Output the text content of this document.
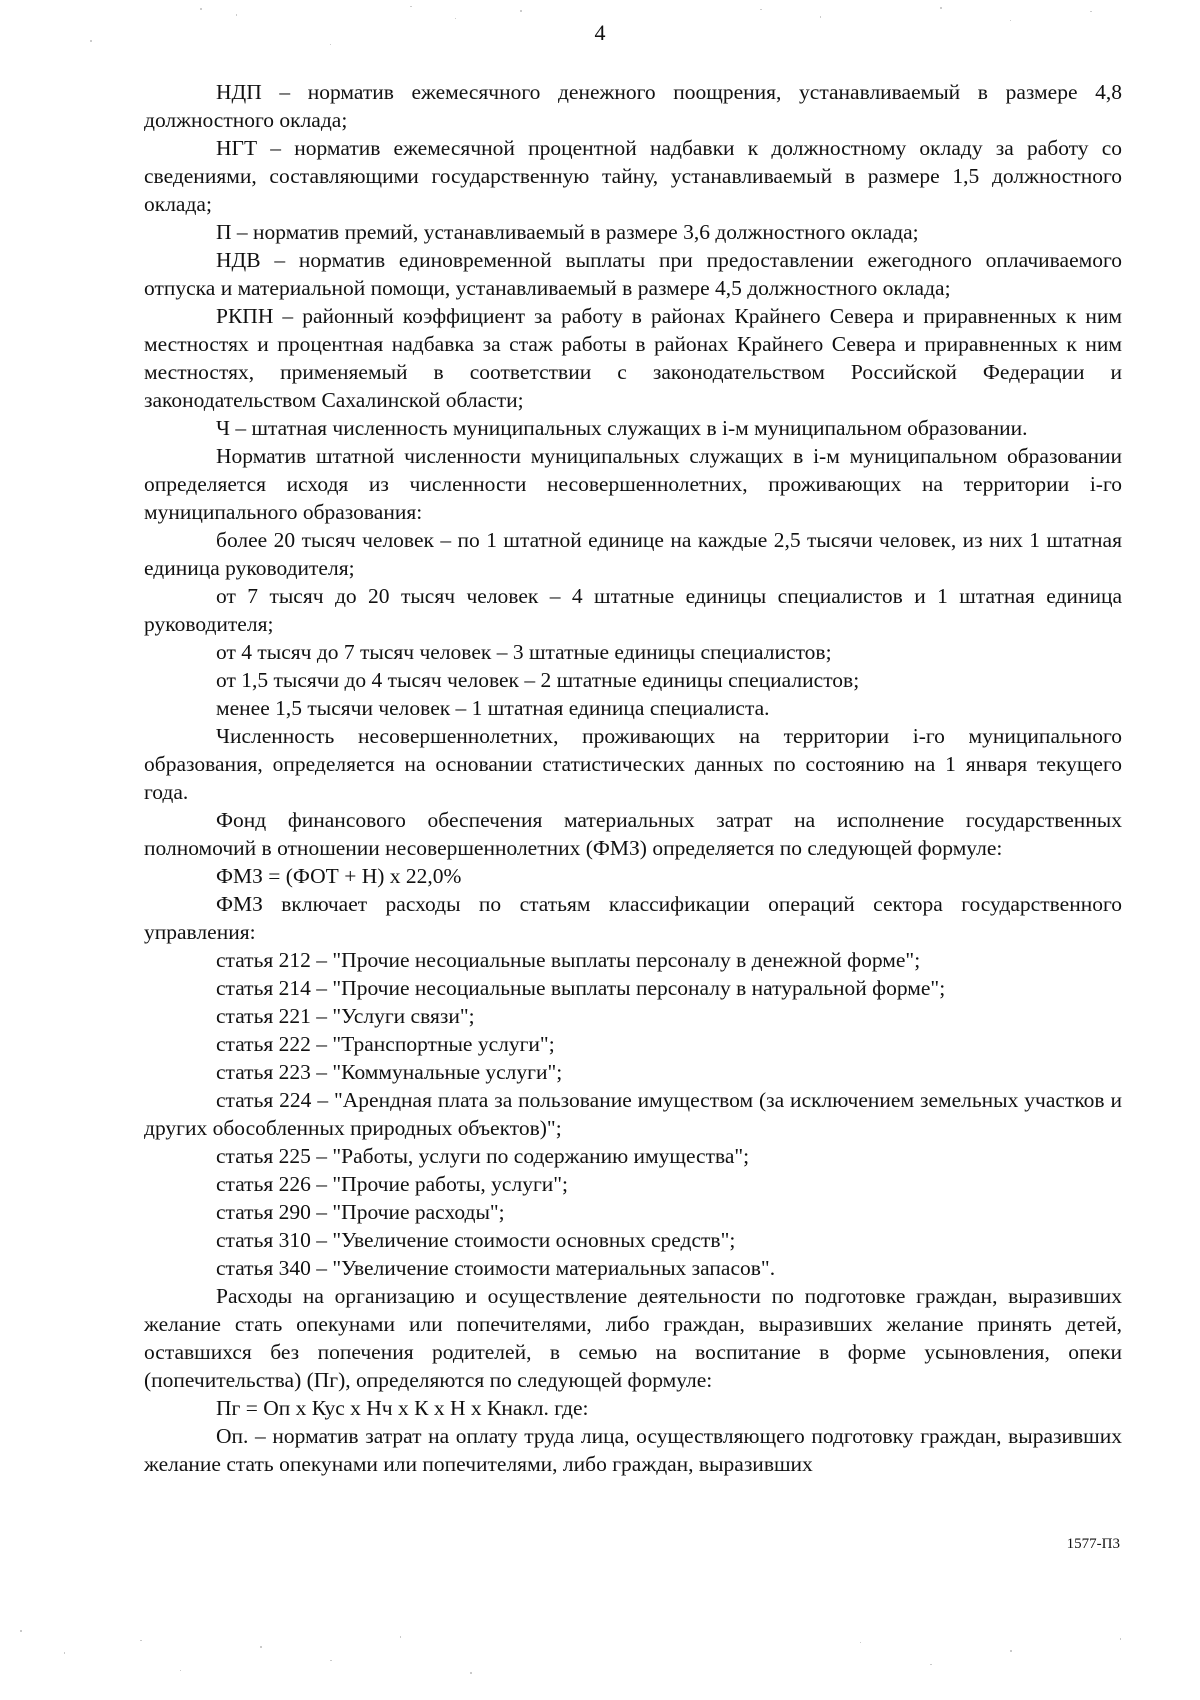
4

НДП – норматив ежемесячного денежного поощрения, устанавливаемый в размере 4,8 должностного оклада;

НГТ – норматив ежемесячной процентной надбавки к должностному окладу за работу со сведениями, составляющими государственную тайну, устанавливаемый в размере 1,5 должностного оклада;

П – норматив премий, устанавливаемый в размере 3,6 должностного оклада;

НДВ – норматив единовременной выплаты при предоставлении ежегодного оплачиваемого отпуска и материальной помощи, устанавливаемый в размере 4,5 должностного оклада;

РКПН – районный коэффициент за работу в районах Крайнего Севера и приравненных к ним местностях и процентная надбавка за стаж работы в районах Крайнего Севера и приравненных к ним местностях, применяемый в соответствии с законодательством Российской Федерации и законодательством Сахалинской области;

Ч – штатная численность муниципальных служащих в i-м муниципальном образовании.

Норматив штатной численности муниципальных служащих в i-м муниципальном образовании определяется исходя из численности несовершеннолетних, проживающих на территории i-го муниципального образования:

более 20 тысяч человек – по 1 штатной единице на каждые 2,5 тысячи человек, из них 1 штатная единица руководителя;

от 7 тысяч до 20 тысяч человек – 4 штатные единицы специалистов и 1 штатная единица руководителя;

от 4 тысяч до 7 тысяч человек – 3 штатные единицы специалистов;

от 1,5 тысячи до 4 тысяч человек – 2 штатные единицы специалистов;

менее 1,5 тысячи человек – 1 штатная единица специалиста.

Численность несовершеннолетних, проживающих на территории i-го муниципального образования, определяется на основании статистических данных по состоянию на 1 января текущего года.

Фонд финансового обеспечения материальных затрат на исполнение государственных полномочий в отношении несовершеннолетних (ФМЗ) определяется по следующей формуле:

ФМЗ = (ФОТ + Н) х 22,0%

ФМЗ включает расходы по статьям классификации операций сектора государственного управления:

статья 212 – "Прочие несоциальные выплаты персоналу в денежной форме";

статья 214 – "Прочие несоциальные выплаты персоналу в натуральной форме";

статья 221 – "Услуги связи";

статья 222 – "Транспортные услуги";

статья 223 – "Коммунальные услуги";

статья 224 – "Арендная плата за пользование имуществом (за исключением земельных участков и других обособленных природных объектов)";

статья 225 – "Работы, услуги по содержанию имущества";

статья 226 – "Прочие работы, услуги";

статья 290 – "Прочие расходы";

статья 310 – "Увеличение стоимости основных средств";

статья 340 – "Увеличение стоимости материальных запасов".

Расходы на организацию и осуществление деятельности по подготовке граждан, выразивших желание стать опекунами или попечителями, либо граждан, выразивших желание принять детей, оставшихся без попечения родителей, в семью на воспитание в форме усыновления, опеки (попечительства) (Пг), определяются по следующей формуле:

Пг = Оп х Кус х Нч х К х Н х Кнакл. где:

Оп. – норматив затрат на оплату труда лица, осуществляющего подготовку граждан, выразивших желание стать опекунами или попечителями, либо граждан, выразивших

1577-П3
